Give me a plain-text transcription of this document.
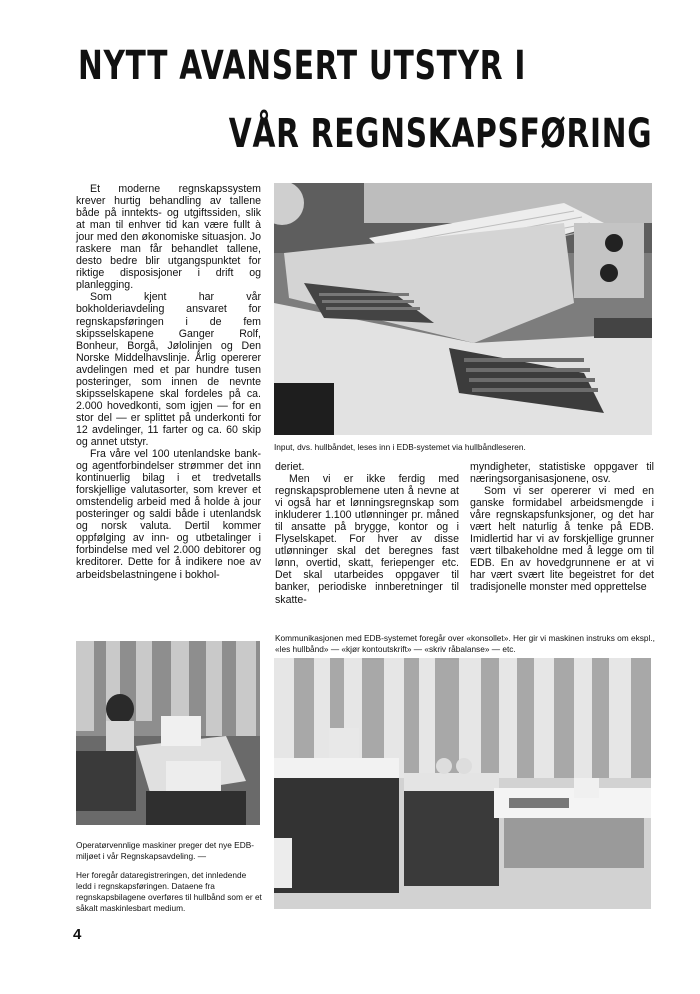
NYTT AVANSERT UTSTYR I
VÅR REGNSKAPSFØRING

Et moderne regnskapssystem krever hurtig behandling av tallene både på inntekts- og utgiftssiden, slik at man til enhver tid kan være fullt à jour med den økonomiske situasjon. Jo raskere man får behandlet tallene, desto bedre blir utgangspunktet for riktige disposisjoner i drift og planlegging.

Som kjent har vår bokholderiavdeling ansvaret for regnskapsføringen i de fem skipsselskapene Ganger Rolf, Bonheur, Borgå, Jølolinjen og Den Norske Middelhavslinje. Årlig opererer avdelingen med et par hundre tusen posteringer, som innen de nevnte skipsselskapene skal fordeles på ca. 2.000 hovedkonti, som igjen — for en stor del — er splittet på underkonti for 12 avdelinger, 11 farter og ca. 60 skip og annet utstyr.

Fra våre vel 100 utenlandske bank- og agentforbindelser strømmer det inn kontinuerlig bilag i et tredvetalls forskjellige valutasorter, som krever et omstendelig arbeid med å holde à jour posteringer og saldi både i utenlandsk og norsk valuta. Dertil kommer oppfølging av inn- og utbetalinger i forbindelse med vel 2.000 debitorer og kreditorer. Dette for å indikere noe av arbeidsbelastningene i bokhol-

Input, dvs. hullbåndet, leses inn i EDB-systemet via hullbåndleseren.

deriet.

Men vi er ikke ferdig med regnskapsproblemene uten å nevne at vi også har et lønningsregnskap som inkluderer 1.100 utlønninger pr. måned til ansatte på brygge, kontor og i Flyselskapet. For hver av disse utlønninger skal det beregnes fast lønn, overtid, skatt, feriepenger etc. Det skal utarbeides oppgaver til banker, periodiske innberetninger til skatte-

myndigheter, statistiske oppgaver til næringsorganisasjonene, osv.

Som vi ser opererer vi med en ganske formidabel arbeidsmengde i våre regnskapsfunksjoner, og det har vært helt naturlig å tenke på EDB. Imidlertid har vi av forskjellige grunner vært tilbakeholdne med å legge om til EDB. En av hovedgrunnene er at vi har vært svært lite begeistret for det tradisjonelle monster med opprettelse

Operatørvennlige maskiner preger det nye EDB-miljøet i vår Regnskapsavdeling. —
Her foregår dataregistreringen, det innledende ledd i regnskapsføringen. Dataene fra regnskapsbilagene overføres til hullbånd som er et såkalt maskinlesbart medium.
Kommunikasjonen med EDB-systemet foregår over «konsollet». Her gir vi maskinen instruks om ekspl., «les hullbånd» — «kjør kontoutskrift» — «skriv råbalanse» — etc.
4
